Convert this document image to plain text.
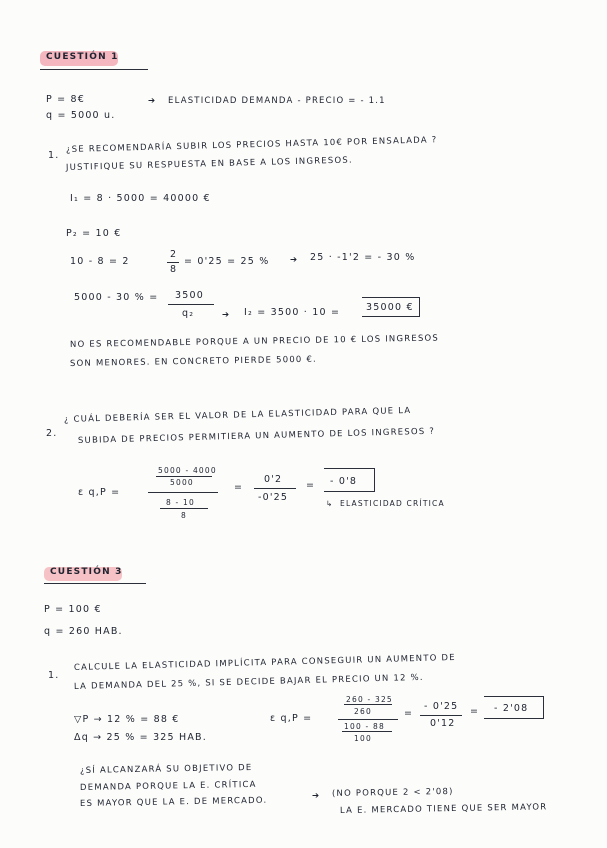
CUESTIÓN 1
P = 8€
q = 5000 u.
➔ ELASTICIDAD DEMANDA - PRECIO = - 1.1
1.
¿SE RECOMENDARÍA SUBIR LOS PRECIOS HASTA 10€ POR ENSALADA ?
JUSTIFIQUE SU RESPUESTA EN BASE A LOS INGRESOS.
I₁ = 8 · 5000 = 40000 €
P₂ = 10 €
10 - 8 = 2
2
8
= 0'25 = 25 % ➔ 25 · -1'2 = - 30 %
5000 - 30 % = 3500
q₂	➔ I₂ = 3500 · 10 =	35000 €
NO ES RECOMENDABLE PORQUE A UN PRECIO DE 10 € LOS INGRESOS
SON MENORES. EN CONCRETO PIERDE 5000 €.
2.
¿ CUÁL DEBERÍA SER EL VALOR DE LA ELASTICIDAD PARA QUE LA
SUBIDA DE PRECIOS PERMITIERA UN AUMENTO DE LOS INGRESOS ?
ε q,P =
5000 - 4000
5000
8 - 10
8
=
0'2
-0'25
= - 0'8
↳ ELASTICIDAD CRÍTICA
CUESTIÓN 3
P = 100 €
q = 260 HAB.
1.
CALCULE LA ELASTICIDAD IMPLÍCITA PARA CONSEGUIR UN AUMENTO DE
LA DEMANDA DEL 25 %, SI SE DECIDE BAJAR EL PRECIO UN 12 %.
▽P → 12 % = 88 €
Δq → 25 % = 325 HAB.
ε q,P =
260 - 325
260
100 - 88
100
=
- 0'25
0'12
= - 2'08
¿SÍ ALCANZARÁ SU OBJETIVO DE
DEMANDA PORQUE LA E. CRÍTICA
ES MAYOR QUE LA E. DE MERCADO.	➔ (NO PORQUE 2 < 2'08)
LA E. MERCADO TIENE QUE SER MAYOR
